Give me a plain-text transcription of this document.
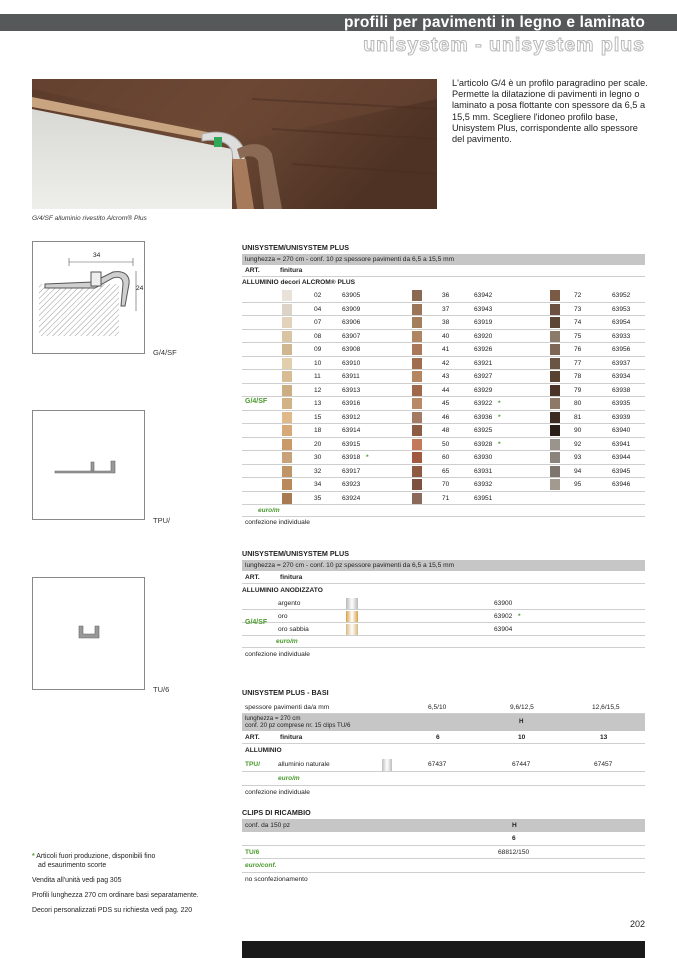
profili per pavimenti in legno e laminato
unisystem - unisystem plus
L'articolo G/4 è un profilo paragradino per scale. Permette la dilatazione di pavimenti in legno o laminato a posa flottante con spessore da 6,5 a 15,5 mm. Scegliere l'idoneo profilo base, Unisystem Plus, corrispondente allo spessore del pavimento.
G/4/SF alluminio rivestito Alcrom® Plus
34
24
G/4/SF
TPU/
TU/6
UNISYSTEM/UNISYSTEM PLUS
lunghezza = 270 cm - conf. 10 pz spessore pavimenti da 6,5 a 15,5 mm
ART.	finitura
ALLUMINIO decori ALCROM® PLUS
02	63905	36	63942	72	63952
04	63909	37	63943	73	63953
07	63906	38	63919	74	63954
08	63907	40	63920	75	63933
09	63908	41	63926	76	63956
10	63910	42	63921	77	63937
11	63911	43	63927	78	63934
12	63913	44	63929	79	63938
13	63916	45	63922 *	80	63935
15	63912	46	63936 *	81	63939
18	63914	48	63925	90	63940
20	63915	50	63928 *	92	63941
30	63918 *	60	63930	93	63944
32	63917	65	63931	94	63945
34	63923	70	63932	95	63946
35	63924	71	63951
G/4/SF
euro/m
confezione individuale
UNISYSTEM/UNISYSTEM PLUS
lunghezza = 270 cm - conf. 10 pz spessore pavimenti da 6,5 a 15,5 mm
ART.	finitura
ALLUMINIO ANODIZZATO
argento	63900
oro	63902 *
oro sabbia	63904
G/4/SF
euro/m
confezione individuale
UNISYSTEM PLUS - BASI
spessore pavimenti da/a mm	6,5/10	9,6/12,5	12,6/15,5
lunghezza = 270 cm
conf. 20 pz comprese nr. 15 clips TU/6
H
ART.	finitura	6	10	13
ALLUMINIO
TPU/	alluminio naturale	67437	67447	67457
euro/m
confezione individuale
CLIPS DI RICAMBIO
conf. da 150 pz	H
6
TU/6	68812/150
euro/conf.
no sconfezionamento
* Articoli fuori produzione, disponibili fino
ad esaurimento scorte
Vendita all'unità vedi pag 305
Profili lunghezza 270 cm ordinare basi separatamente.
Decori personalizzati PDS su richiesta vedi pag. 220
202
